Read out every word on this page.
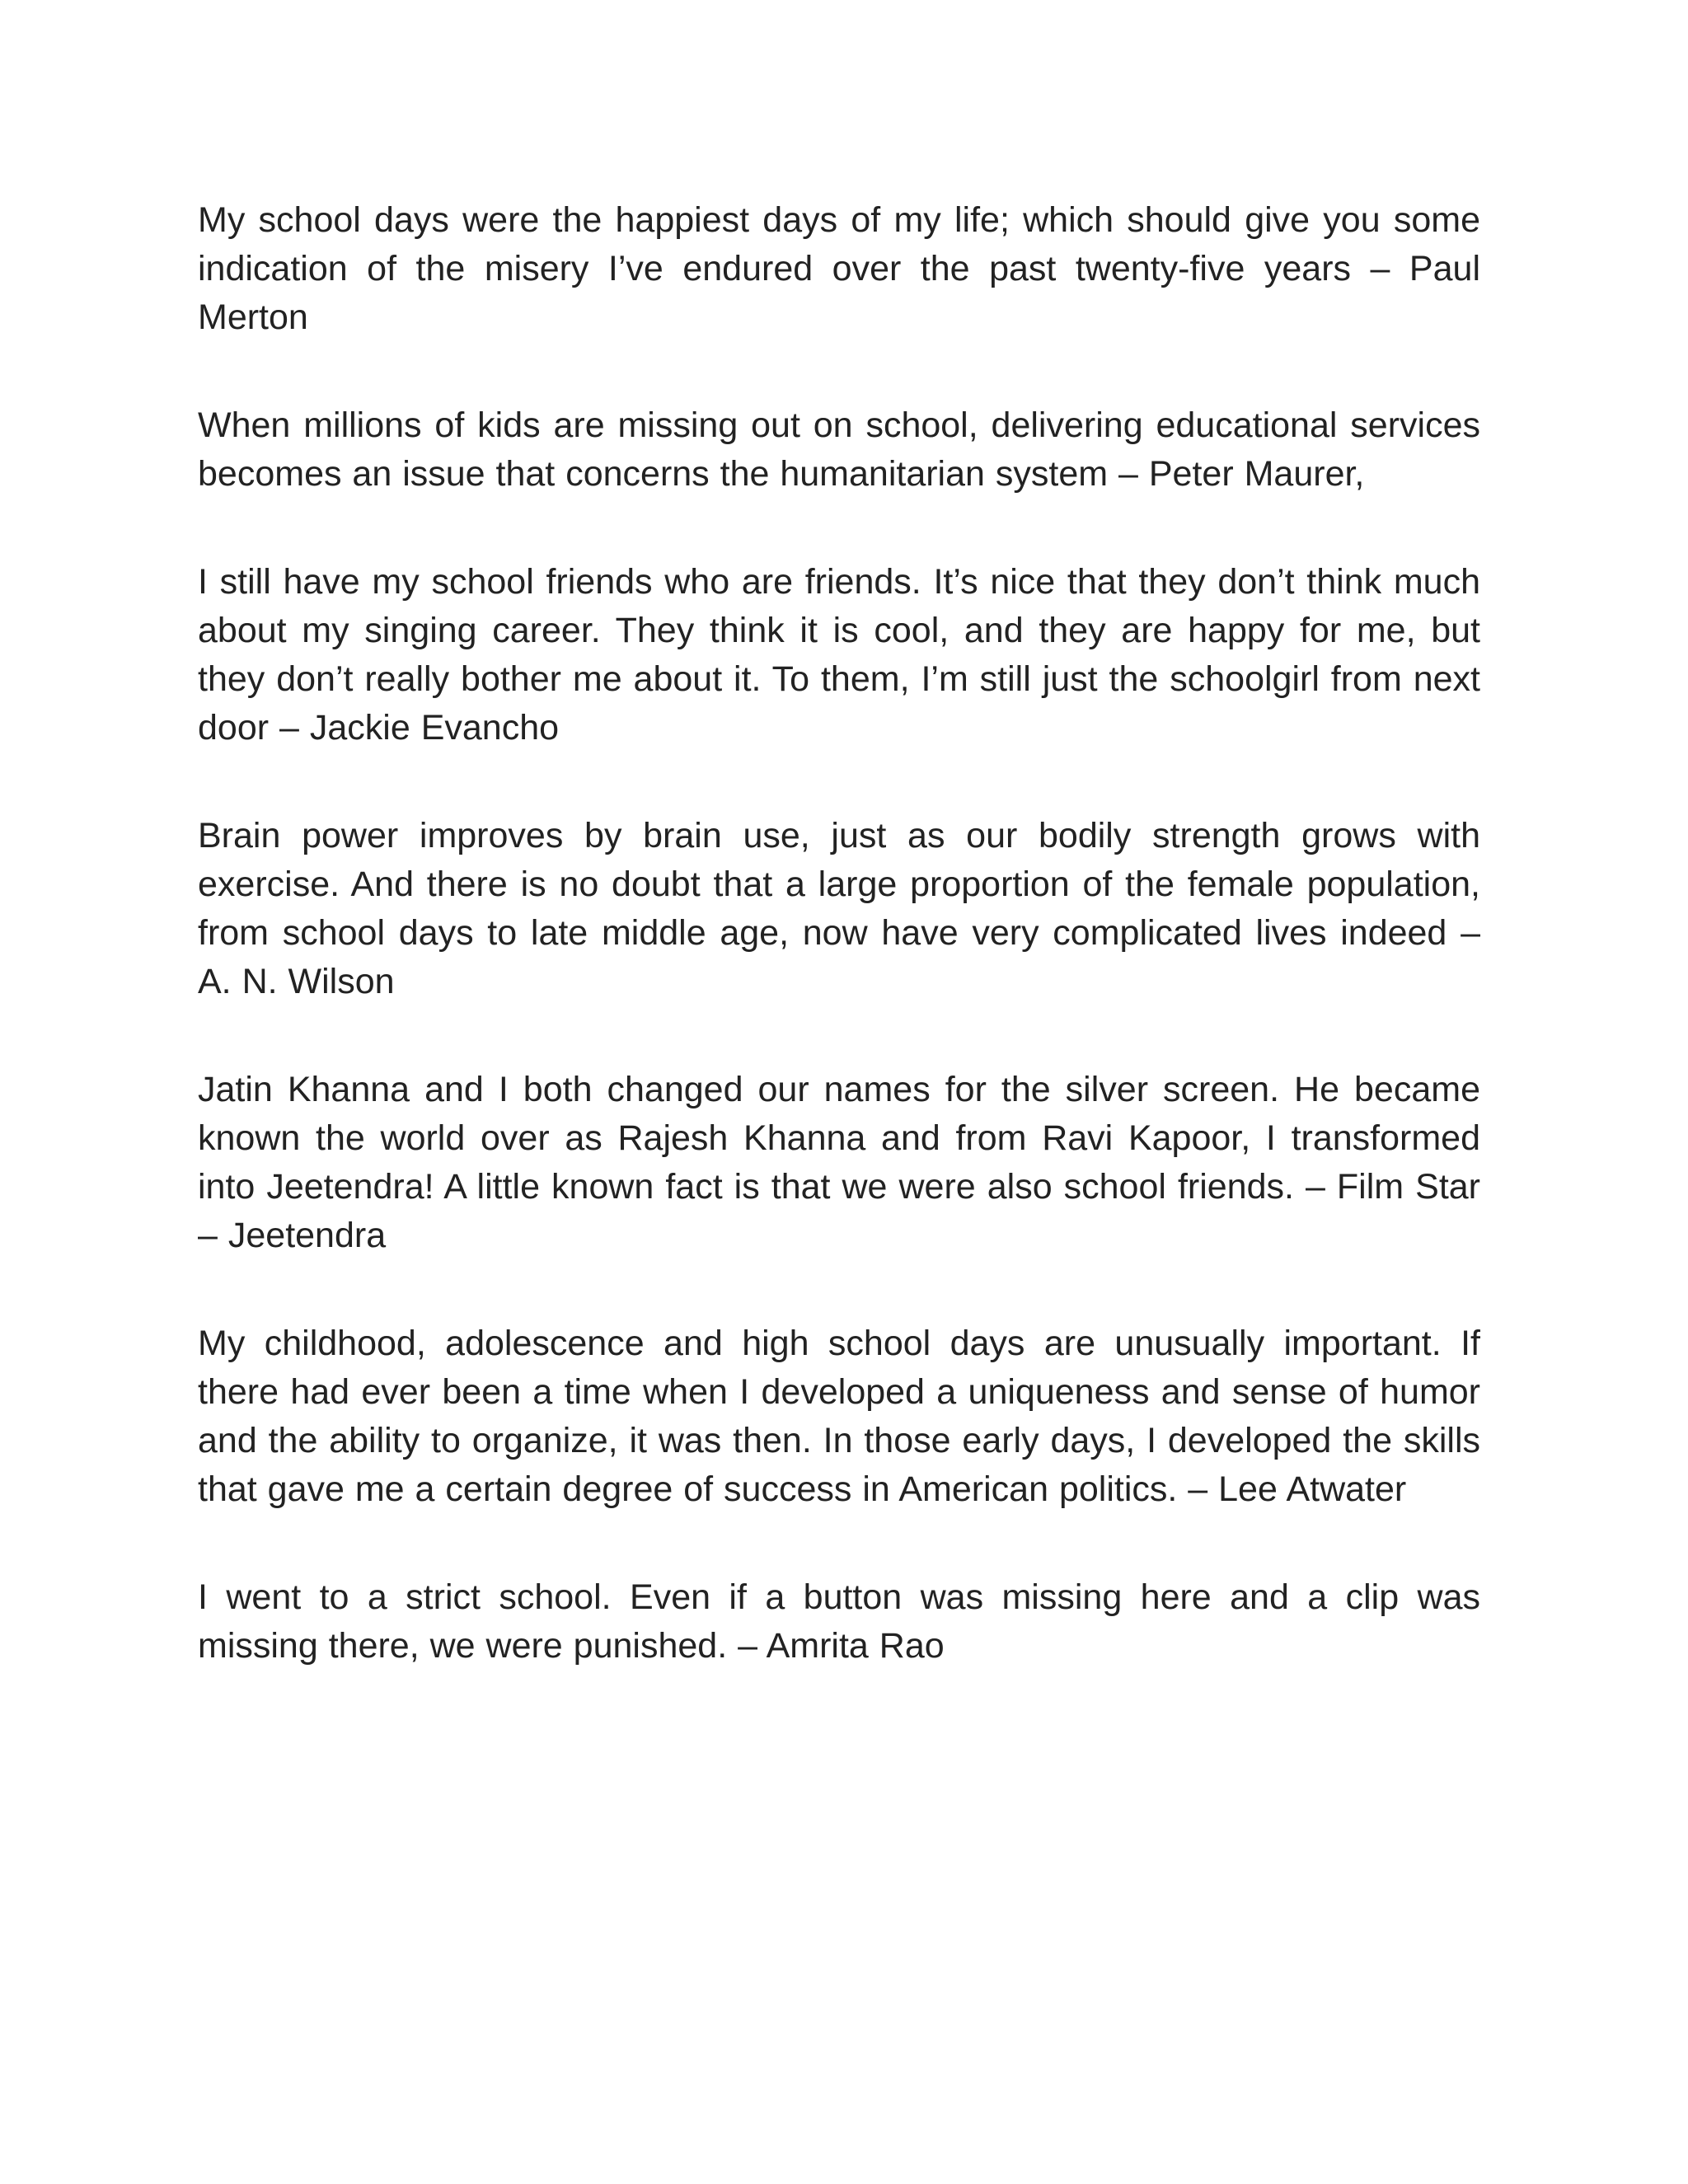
My school days were the happiest days of my life; which should give you some indication of the misery I’ve endured over the past twenty-five years – Paul Merton

When millions of kids are missing out on school, delivering educational services becomes an issue that concerns the humanitarian system – Peter Maurer,

I still have my school friends who are friends. It’s nice that they don’t think much about my singing career. They think it is cool, and they are happy for me, but they don’t really bother me about it. To them, I’m still just the schoolgirl from next door – Jackie Evancho

Brain power improves by brain use, just as our bodily strength grows with exercise. And there is no doubt that a large proportion of the female population, from school days to late middle age, now have very complicated lives indeed – A. N. Wilson

Jatin Khanna and I both changed our names for the silver screen. He became known the world over as Rajesh Khanna and from Ravi Kapoor, I transformed into Jeetendra! A little known fact is that we were also school friends. – Film Star – Jeetendra

My childhood, adolescence and high school days are unusually important. If there had ever been a time when I developed a uniqueness and sense of humor and the ability to organize, it was then. In those early days, I developed the skills that gave me a certain degree of success in American politics. – Lee Atwater

I went to a strict school. Even if a button was missing here and a clip was missing there, we were punished. – Amrita Rao
